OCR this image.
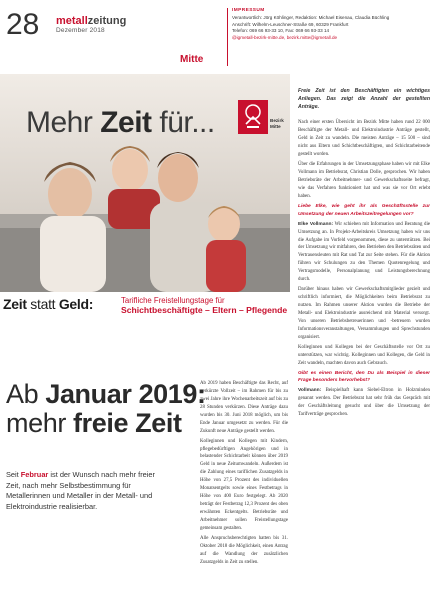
28 metallzeitung
Dezember 2018
Mitte
IMPRESSUM
Verantwortlich: Jörg Köhlinger, Redaktion: Michael Eisenau, Claudia Büchling
Anschrift: Wilhelm-Leuschner-Straße 69, 60329 Frankfurt
Telefon: 069 66 93-33 10, Fax: 069 66 93-33 14
@igmetall-bezirk-mitte.de, bezirk.mitte@igmetall.de
Mehr Zeit für...	Bezirk
Mitte
Zeit statt Geld:	Tarifliche Freistellungstage für
Schichtbeschäftigte – Eltern – Pflegende
Ab Januar 2019:
mehr freie Zeit
Seit Februar ist der Wunsch nach mehr freier Zeit, nach mehr Selbstbestimmung für Metallerinnen und Metaller in der Metall- und Elektroindustrie realisierbar.

Ab 2019 haben Beschäftigte das Recht, auf verkürzte Vollzeit – im Rahmen für bis zu zwei Jahre ihre Wochenarbeitszeit auf bis zu 28 Stunden verkürzen. Diese Anträge dazu wurden bis 30. Juni 2018 möglich, um bis Ende Januar umgesetzt zu werden. Für die Zukunft neue Anträge gestellt werden.

Kolleginnen und Kollegen mit Kindern, pflegebedürftigen Angehörigen und in belastender Schichtarbeit können über 2019 Geld in neue Zeitumwandeln. Außerdem ist die Zahlung eines tariflichen Zusatzgelds in Höhe von 27,5 Prozent des individuellen Monatsentgelts sowie eines Festbetrags in Höhe von 400 Euro festgelegt. Ab 2020 beträgt der Festbetrag 12,3 Prozent des oben erwähnten Eckentgelts. Betriebsräte und Arbeitnehmer sollen Freistellungstage gemeinsam gestalten.

Alle Anspruchsberechtigten hatten bis 31. Oktober 2018 die Möglichkeit, einen Antrag auf die Wandlung der zusätzlichen Zusatzgelds in Zeit zu stellen.

Freie Zeit ist den Beschäftigten ein wichtiges Anliegen. Das zeigt die Anzahl der gestellten Anträge.

Nach einer ersten Übersicht im Bezirk Mitte haben rund 22 000 Beschäftigte der Metall- und Elektroindustrie Anträge gestellt, Geld in Zeit zu wandeln. Die meisten Anträge – 15 500 – sind nicht aus Eltern und Schichtbeschäftigten, und Schichtarbeitende gestellt worden.

Über die Erfahrungen in der Umsetzungsphase haben wir mit Elke Vollmann im Betriebsrat, Christian Dolle, gesprochen. Wir haben Betriebsräte der Arbeitnehmer- und Gewerkschaftsseite befragt, wie das Verfahren funktioniert hat und was sie vor Ort erlebt haben.

Liebe Elke, wie geht ihr als Geschäftsstelle zur Umsetzung der neuen Arbeitszeitregelungen vor?

Elke Vollmann: Wir schieben mit Information und Beratung die Umsetzung an. In Projekt-Arbeitskreis Umsetzung haben wir uns die Aufgabe im Vorfeld vorgenommen, diese zu unterstützen. Bei der Umsetzung wir mitfahren, den Betrieben den Betriebsräten und Vertrauensleuten mit Rat und Tat zur Seite stehen. Für die Aktion führen wir Schulungen zu den Themen Quotenregelung und Vertragsmodelle, Personalplanung und Leistungsberechnung durch.

Darüber hinaus haben wir Gewerkschaftsmitglieder gezielt und schriftlich informiert, die Möglichkeiten beim Betriebsrat zu nutzen. Im Rahmen unserer Aktion wurden die Betriebe der Metall- und Elektroindustrie ausreichend mit Material versorgt. Von unseren Betriebsbetreuerinnen und -betreuern wurden Informationsveranstaltungen, Versammlungen und Sprechstunden organisiert.

Kolleginnen und Kollegen bei der Geschäftsstelle vor Ort zu unterstützen, war wichtig. Kolleginnen und Kollegen, die Geld in Zeit wandeln, machten davon auch Gebrauch.

Gibt es einen Bericht, den Du als Beispiel in dieser Frage besonders hervorhebst?

Vollmann: Beispielhaft kann Siebel-Eltron in Holzminden genannt werden. Der Betriebsrat hat sehr früh das Gespräch mit der Geschäftsleitung gesucht und über die Umsetzung der Tarifverträge gesprochen.
